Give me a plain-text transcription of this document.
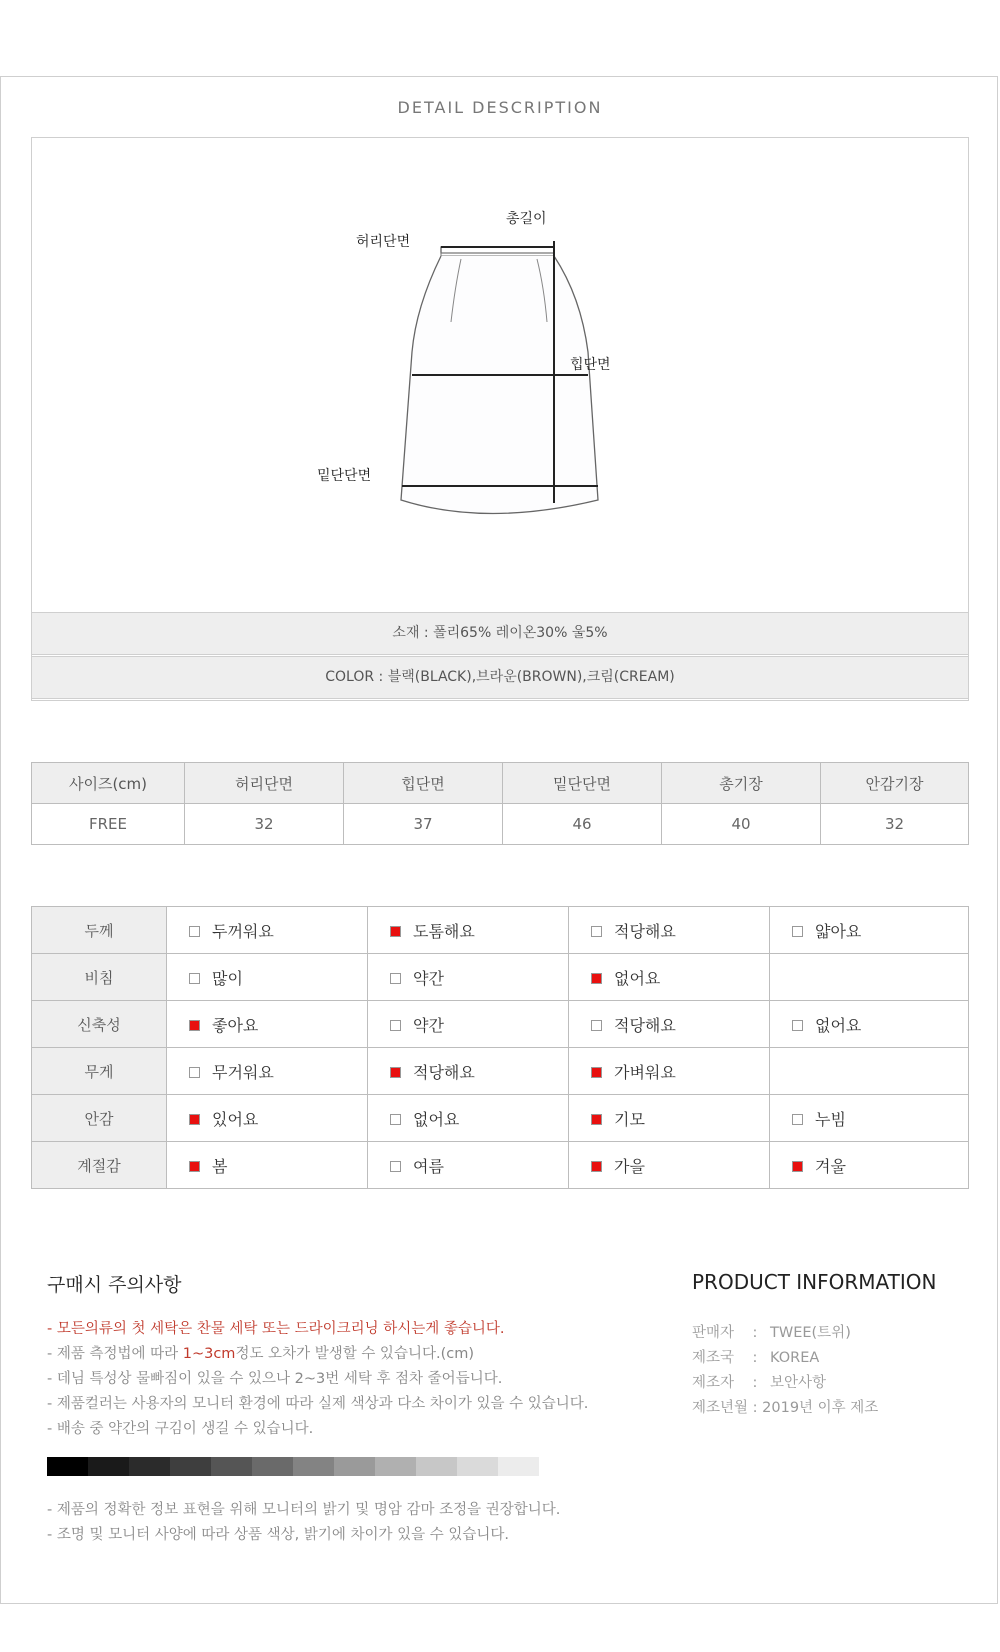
DETAIL DESCRIPTION
총길이
허리단면
힙단면
밑단단면
소재 : 폴리65% 레이온30% 울5%
COLOR : 블랙(BLACK),브라운(BROWN),크림(CREAM)
사이즈(cm)	허리단면	힙단면	밑단단면	총기장	안감기장
FREE	32	37	46	40	32
두께	두꺼워요	도톰해요	적당해요	얇아요
비침	많이	약간	없어요	
신축성	좋아요	약간	적당해요	없어요
무게	무거워요	적당해요	가벼워요	
안감	있어요	없어요	기모	누빔
계절감	봄	여름	가을	겨울
구매시 주의사항
- 모든의류의 첫 세탁은 찬물 세탁 또는 드라이크리닝 하시는게 좋습니다.
- 제품 측정법에 따라 1~3cm정도 오차가 발생할 수 있습니다.(cm)
- 데님 특성상 물빠짐이 있을 수 있으나 2~3번 세탁 후 점차 줄어듭니다.
- 제품컬러는 사용자의 모니터 환경에 따라 실제 색상과 다소 차이가 있을 수 있습니다.
- 배송 중 약간의 구김이 생길 수 있습니다.
- 제품의 정확한 정보 표현을 위해 모니터의 밝기 및 명암 감마 조정을 권장합니다.
- 조명 및 모니터 사양에 따라 상품 색상, 밝기에 차이가 있을 수 있습니다.
PRODUCT INFORMATION
판매자 : TWEE(트위)
제조국 : KOREA
제조자 : 보안사항
제조년월 : 2019년 이후 제조
